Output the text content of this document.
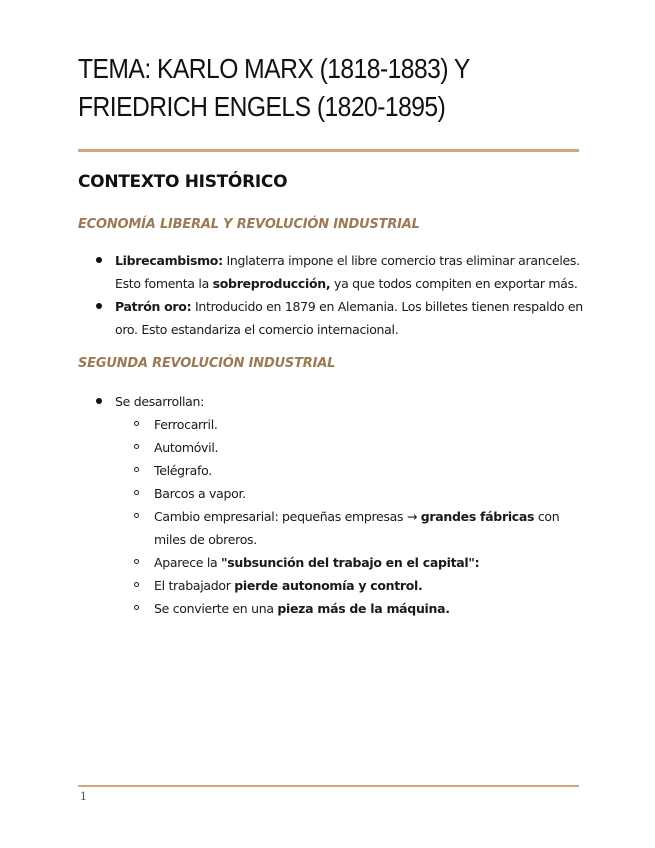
TEMA: KARLO MARX (1818-1883) Y FRIEDRICH ENGELS (1820-1895)
CONTEXTO HISTÓRICO
ECONOMÍA LIBERAL Y REVOLUCIÓN INDUSTRIAL
Librecambismo: Inglaterra impone el libre comercio tras eliminar aranceles. Esto fomenta la sobreproducción, ya que todos compiten en exportar más.
Patrón oro: Introducido en 1879 en Alemania. Los billetes tienen respaldo en oro. Esto estandariza el comercio internacional.
SEGUNDA REVOLUCIÓN INDUSTRIAL
Se desarrollan:
Ferrocarril.
Automóvil.
Telégrafo.
Barcos a vapor.
Cambio empresarial: pequeñas empresas → grandes fábricas con miles de obreros.
Aparece la "subsunción del trabajo en el capital":
El trabajador pierde autonomía y control.
Se convierte en una pieza más de la máquina.
1
